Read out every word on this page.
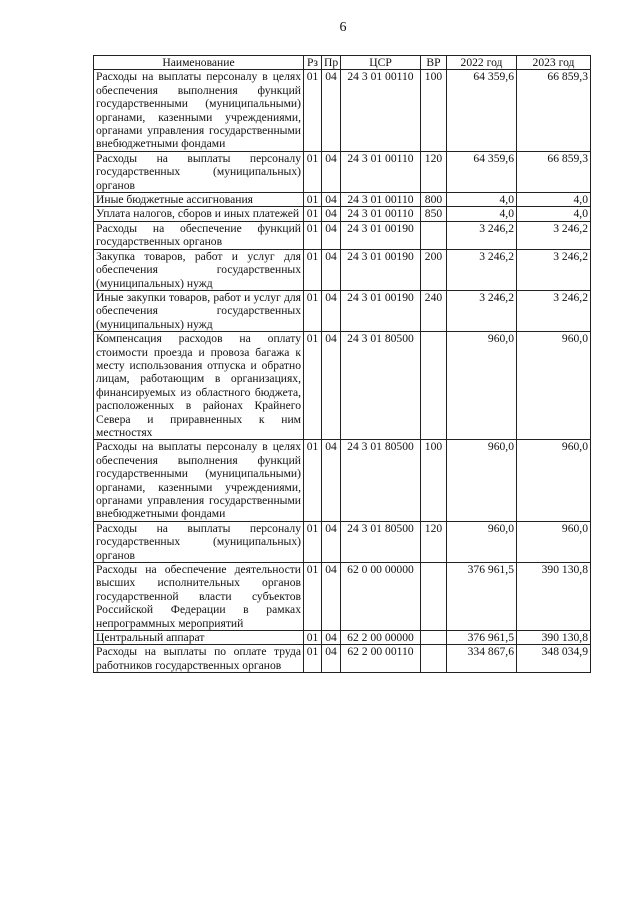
6
Наименование	Рз	Пр	ЦСР	ВР	2022 год	2023 год
Расходы на выплаты персоналу в целях обеспечения выполнения функций государственными (муниципальными) органами, казенными учреждениями, органами управления государственными внебюджетными фондами	01	04	24 3 01 00110	100	64 359,6	66 859,3
Расходы на выплаты персоналу государственных (муниципальных) органов	01	04	24 3 01 00110	120	64 359,6	66 859,3
Иные бюджетные ассигнования	01	04	24 3 01 00110	800	4,0	4,0
Уплата налогов, сборов и иных платежей	01	04	24 3 01 00110	850	4,0	4,0
Расходы на обеспечение функций государственных органов	01	04	24 3 01 00190		3 246,2	3 246,2
Закупка товаров, работ и услуг для обеспечения государственных (муниципальных) нужд	01	04	24 3 01 00190	200	3 246,2	3 246,2
Иные закупки товаров, работ и услуг для обеспечения государственных (муниципальных) нужд	01	04	24 3 01 00190	240	3 246,2	3 246,2
Компенсация расходов на оплату стоимости проезда и провоза багажа к месту использования отпуска и обратно лицам, работающим в организациях, финансируемых из областного бюджета, расположенных в районах Крайнего Севера и приравненных к ним местностях	01	04	24 3 01 80500		960,0	960,0
Расходы на выплаты персоналу в целях обеспечения выполнения функций государственными (муниципальными) органами, казенными учреждениями, органами управления государственными внебюджетными фондами	01	04	24 3 01 80500	100	960,0	960,0
Расходы на выплаты персоналу государственных (муниципальных) органов	01	04	24 3 01 80500	120	960,0	960,0
Расходы на обеспечение деятельности высших исполнительных органов государственной власти субъектов Российской Федерации в рамках непрограммных мероприятий	01	04	62 0 00 00000		376 961,5	390 130,8
Центральный аппарат	01	04	62 2 00 00000		376 961,5	390 130,8
Расходы на выплаты по оплате труда работников государственных органов	01	04	62 2 00 00110		334 867,6	348 034,9
